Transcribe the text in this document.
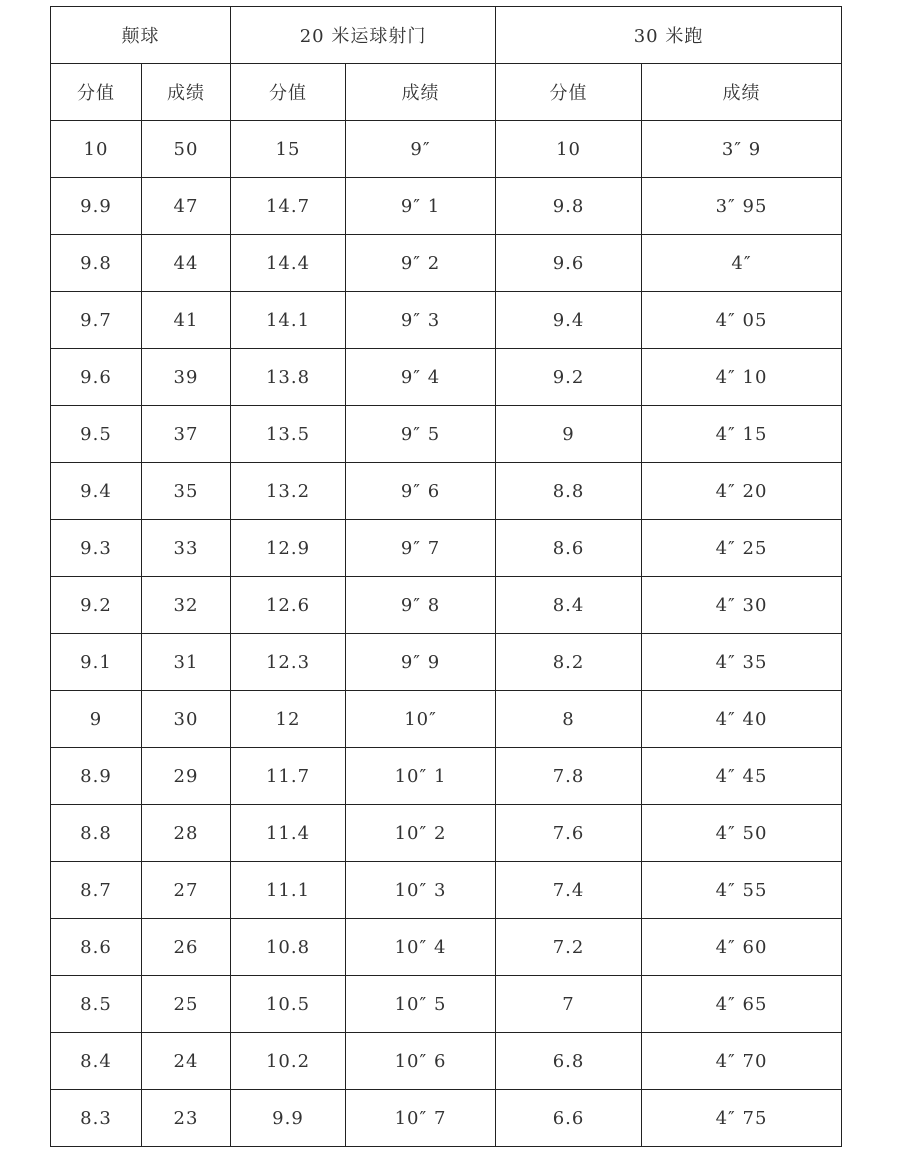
颠球		20 米运球射门		30 米跑	
分值	成绩	分值	成绩	分值	成绩
10	50	15	9″	10	3″ 9
9.9	47	14.7	9″ 1	9.8	3″ 95
9.8	44	14.4	9″ 2	9.6	4″
9.7	41	14.1	9″ 3	9.4	4″ 05
9.6	39	13.8	9″ 4	9.2	4″ 10
9.5	37	13.5	9″ 5	9	4″ 15
9.4	35	13.2	9″ 6	8.8	4″ 20
9.3	33	12.9	9″ 7	8.6	4″ 25
9.2	32	12.6	9″ 8	8.4	4″ 30
9.1	31	12.3	9″ 9	8.2	4″ 35
9	30	12	10″	8	4″ 40
8.9	29	11.7	10″ 1	7.8	4″ 45
8.8	28	11.4	10″ 2	7.6	4″ 50
8.7	27	11.1	10″ 3	7.4	4″ 55
8.6	26	10.8	10″ 4	7.2	4″ 60
8.5	25	10.5	10″ 5	7	4″ 65
8.4	24	10.2	10″ 6	6.8	4″ 70
8.3	23	9.9	10″ 7	6.6	4″ 75
